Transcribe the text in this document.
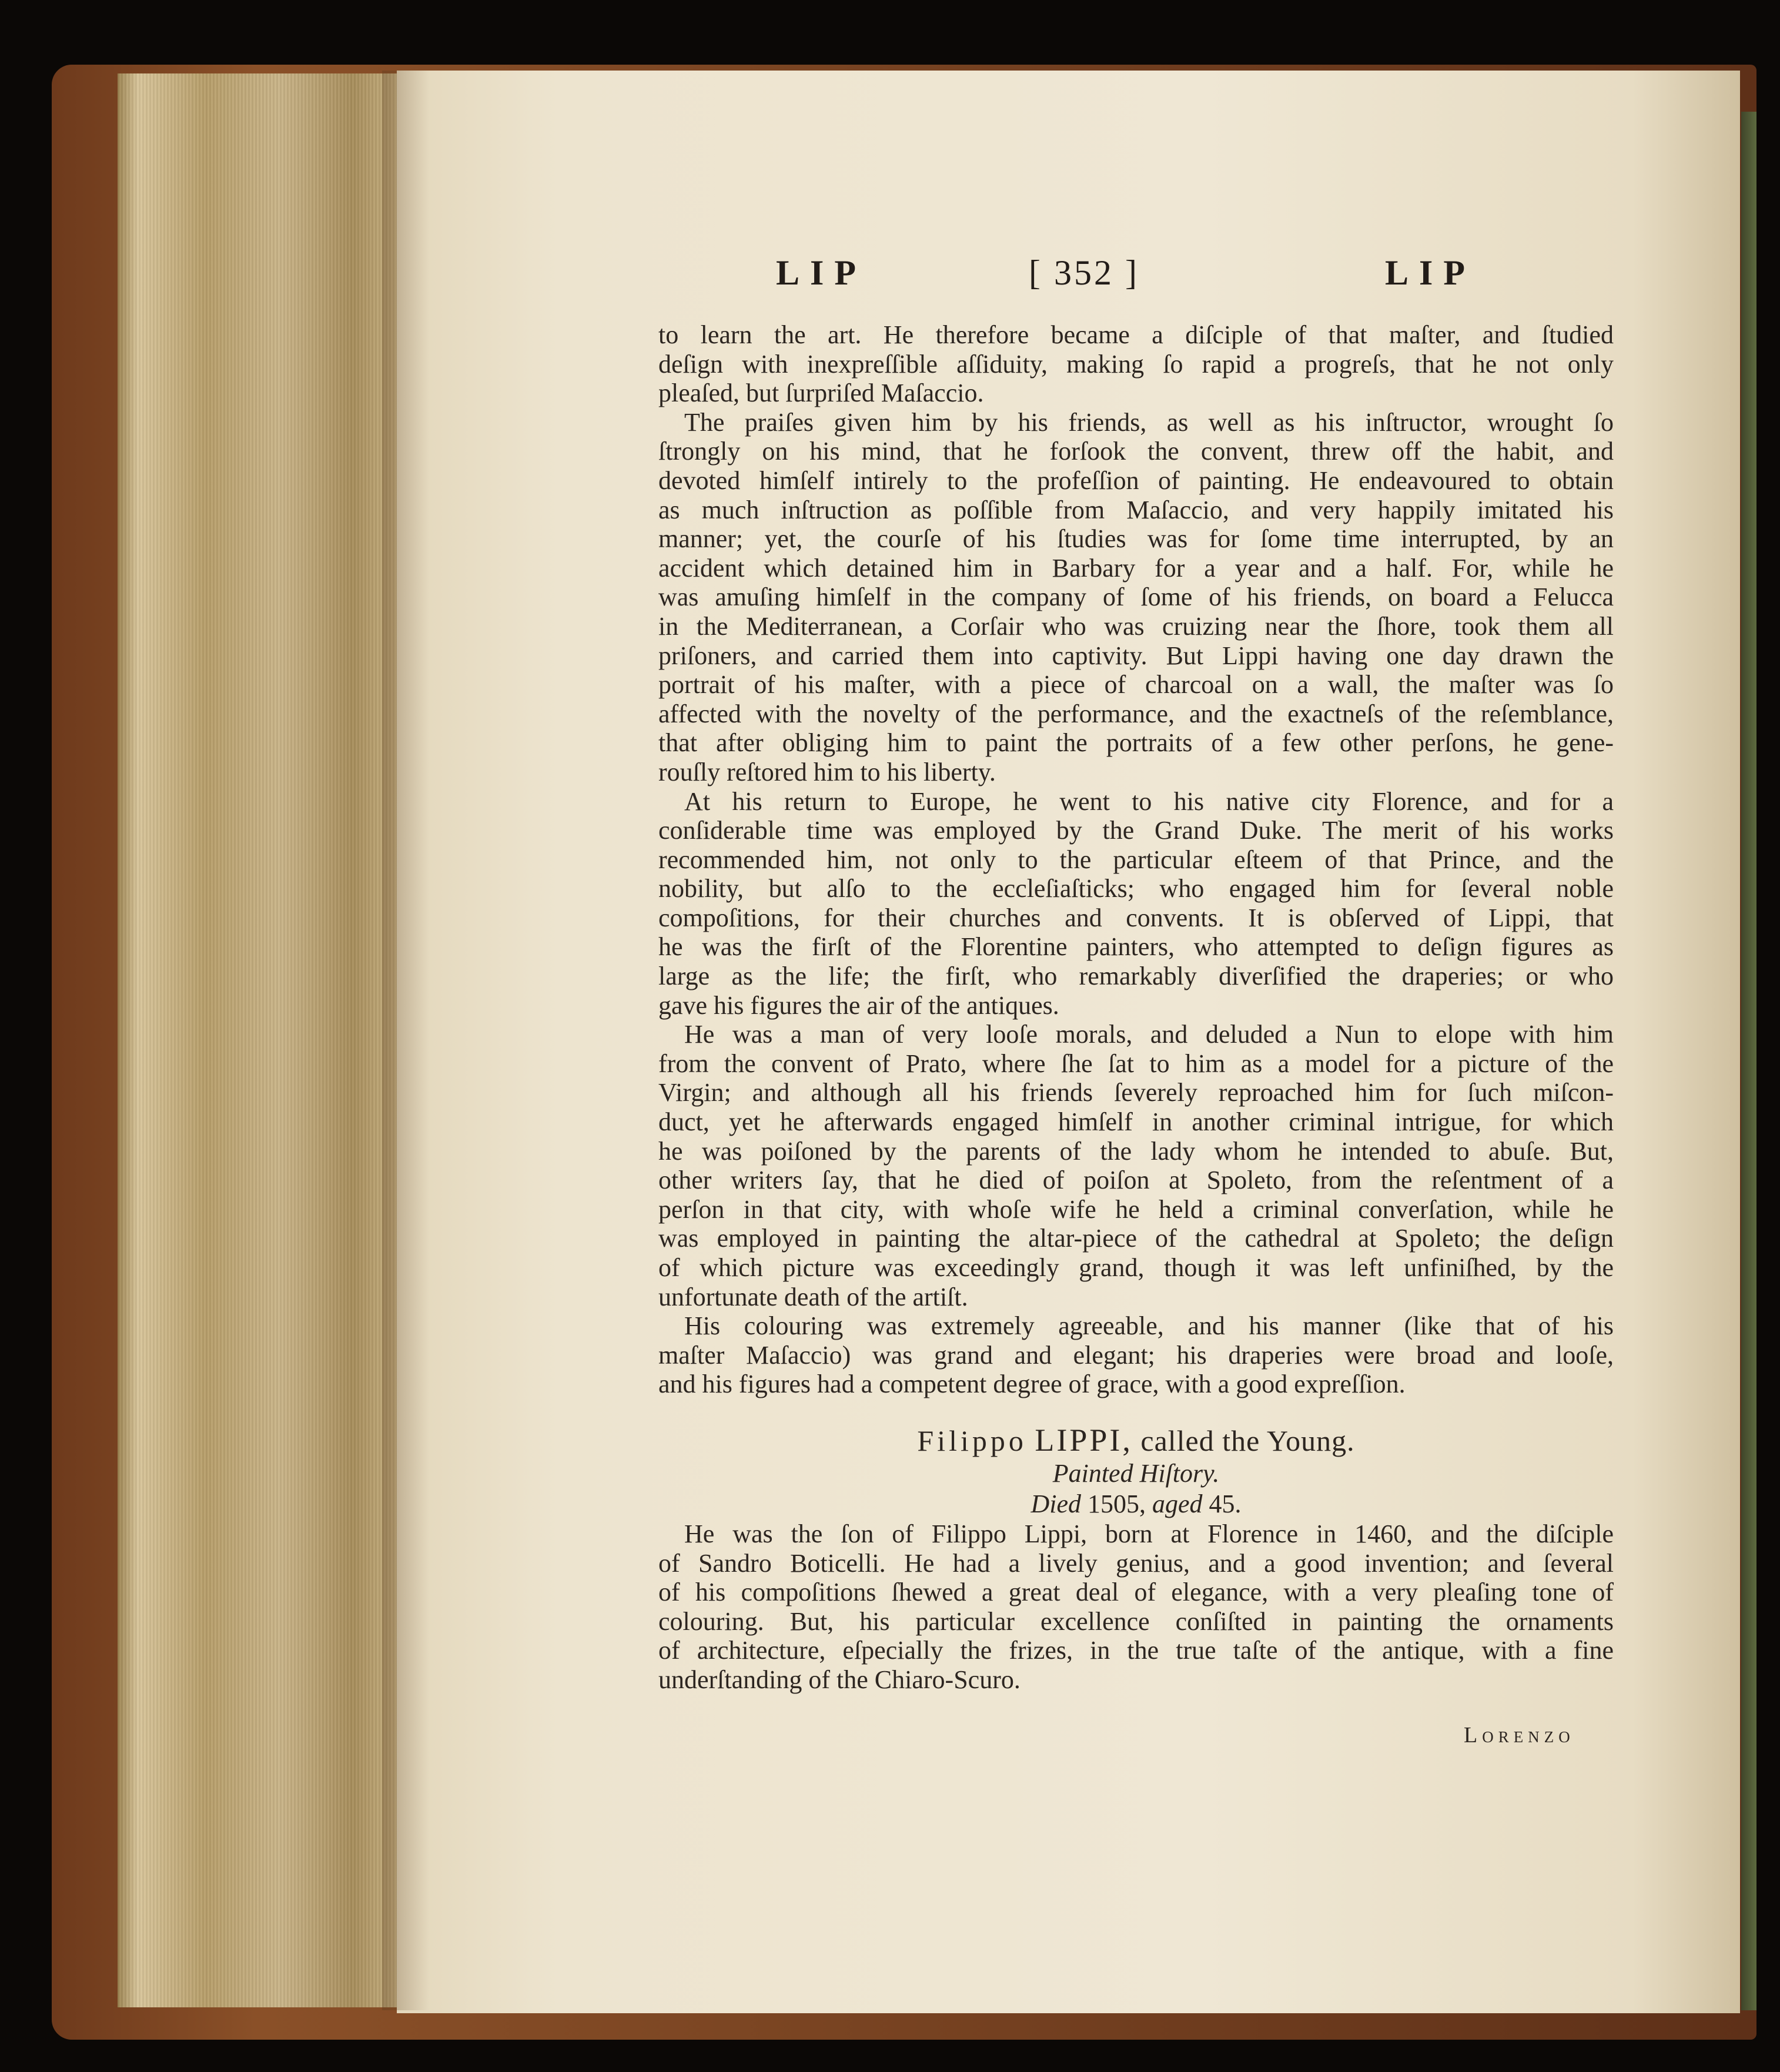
LIP	[ 352 ]	LIP
to learn the art. He therefore became a diſciple of that maſter, and ſtudied
deſign with inexpreſſible aſſiduity, making ſo rapid a progreſs, that he not only
pleaſed, but ſurpriſed Maſaccio.
The praiſes given him by his friends, as well as his inſtructor, wrought ſo
ſtrongly on his mind, that he forſook the convent, threw off the habit, and
devoted himſelf intirely to the profeſſion of painting. He endeavoured to obtain
as much inſtruction as poſſible from Maſaccio, and very happily imitated his
manner; yet, the courſe of his ſtudies was for ſome time interrupted, by an
accident which detained him in Barbary for a year and a half. For, while he
was amuſing himſelf in the company of ſome of his friends, on board a Felucca
in the Mediterranean, a Corſair who was cruizing near the ſhore, took them all
priſoners, and carried them into captivity. But Lippi having one day drawn the
portrait of his maſter, with a piece of charcoal on a wall, the maſter was ſo
affected with the novelty of the performance, and the exactneſs of the reſemblance,
that after obliging him to paint the portraits of a few other perſons, he gene-
rouſly reſtored him to his liberty.
At his return to Europe, he went to his native city Florence, and for a
conſiderable time was employed by the Grand Duke. The merit of his works
recommended him, not only to the particular eſteem of that Prince, and the
nobility, but alſo to the eccleſiaſticks; who engaged him for ſeveral noble
compoſitions, for their churches and convents. It is obſerved of Lippi, that
he was the firſt of the Florentine painters, who attempted to deſign figures as
large as the life; the firſt, who remarkably diverſified the draperies; or who
gave his figures the air of the antiques.
He was a man of very looſe morals, and deluded a Nun to elope with him
from the convent of Prato, where ſhe ſat to him as a model for a picture of the
Virgin; and although all his friends ſeverely reproached him for ſuch miſcon-
duct, yet he afterwards engaged himſelf in another criminal intrigue, for which
he was poiſoned by the parents of the lady whom he intended to abuſe. But,
other writers ſay, that he died of poiſon at Spoleto, from the reſentment of a
perſon in that city, with whoſe wife he held a criminal converſation, while he
was employed in painting the altar-piece of the cathedral at Spoleto; the deſign
of which picture was exceedingly grand, though it was left unfiniſhed, by the
unfortunate death of the artiſt.
His colouring was extremely agreeable, and his manner (like that of his
maſter Maſaccio) was grand and elegant; his draperies were broad and looſe,
and his figures had a competent degree of grace, with a good expreſſion.
Filippo LIPPI, called the Young.
Painted Hiſtory.
Died 1505, aged 45.
He was the ſon of Filippo Lippi, born at Florence in 1460, and the diſciple
of Sandro Boticelli. He had a lively genius, and a good invention; and ſeveral
of his compoſitions ſhewed a great deal of elegance, with a very pleaſing tone of
colouring. But, his particular excellence conſiſted in painting the ornaments
of architecture, eſpecially the frizes, in the true taſte of the antique, with a fine
underſtanding of the Chiaro-Scuro.
Lorenzo
